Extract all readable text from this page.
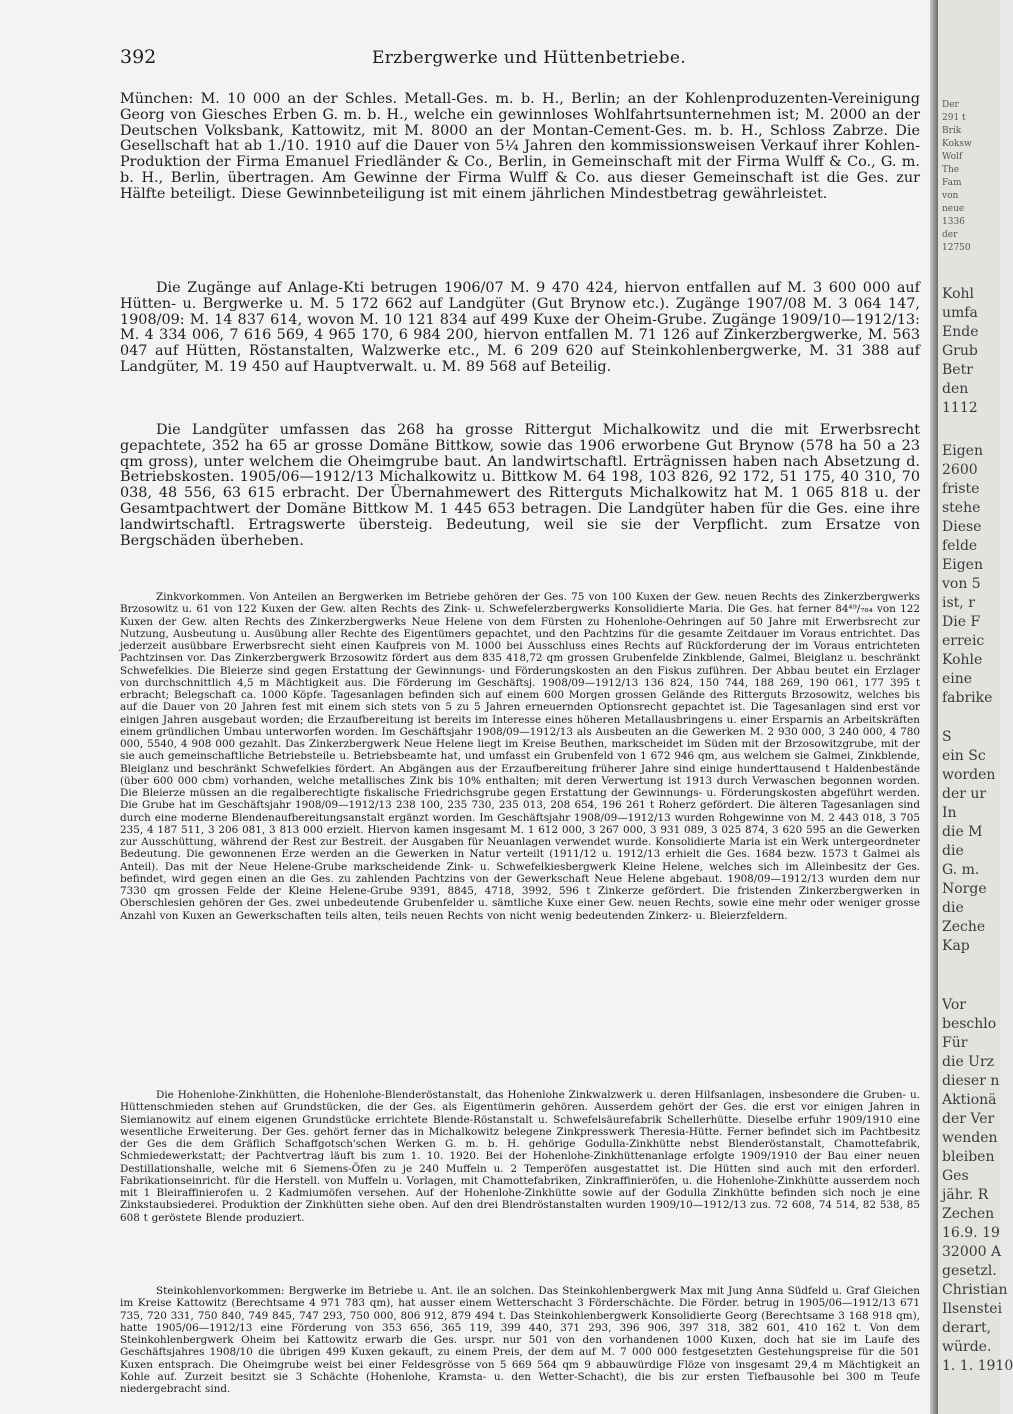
392	Erzbergwerke und Hüttenbetriebe.

München: M. 10 000 an der Schles. Metall-Ges. m. b. H., Berlin; an der Kohlenproduzenten-Vereinigung Georg von Giesches Erben G. m. b. H., welche ein gewinnloses Wohlfahrtsunternehmen ist; M. 2000 an der Deutschen Volksbank, Kattowitz, mit M. 8000 an der Montan-Cement-Ges. m. b. H., Schloss Zabrze. Die Gesellschaft hat ab 1./10. 1910 auf die Dauer von 5¼ Jahren den kommissionsweisen Verkauf ihrer Kohlen-Produktion der Firma Emanuel Friedländer & Co., Berlin, in Gemeinschaft mit der Firma Wulff & Co., G. m. b. H., Berlin, übertragen. Am Gewinne der Firma Wulff & Co. aus dieser Gemeinschaft ist die Ges. zur Hälfte beteiligt. Diese Gewinnbeteiligung ist mit einem jährlichen Mindestbetrag gewährleistet.

Die Zugänge auf Anlage-Kti betrugen 1906/07 M. 9 470 424, hiervon entfallen auf M. 3 600 000 auf Hütten- u. Bergwerke u. M. 5 172 662 auf Landgüter (Gut Brynow etc.). Zugänge 1907/08 M. 3 064 147, 1908/09: M. 14 837 614, wovon M. 10 121 834 auf 499 Kuxe der Oheim-Grube. Zugänge 1909/10—1912/13: M. 4 334 006, 7 616 569, 4 965 170, 6 984 200, hiervon entfallen M. 71 126 auf Zinkerzbergwerke, M. 563 047 auf Hütten, Röstanstalten, Walzwerke etc., M. 6 209 620 auf Steinkohlenbergwerke, M. 31 388 auf Landgüter, M. 19 450 auf Hauptverwalt. u. M. 89 568 auf Beteilig.

Die Landgüter umfassen das 268 ha grosse Rittergut Michalkowitz und die mit Erwerbsrecht gepachtete, 352 ha 65 ar grosse Domäne Bittkow, sowie das 1906 erworbene Gut Brynow (578 ha 50 a 23 qm gross), unter welchem die Oheimgrube baut. An landwirtschaftl. Erträgnissen haben nach Absetzung d. Betriebskosten. 1905/06—1912/13 Michalkowitz u. Bittkow M. 64 198, 103 826, 92 172, 51 175, 40 310, 70 038, 48 556, 63 615 erbracht. Der Übernahmewert des Ritterguts Michalkowitz hat M. 1 065 818 u. der Gesamtpachtwert der Domäne Bittkow M. 1 445 653 betragen. Die Landgüter haben für die Ges. eine ihre landwirtschaftl. Ertragswerte übersteig. Bedeutung, weil sie sie der Verpflicht. zum Ersatze von Bergschäden überheben.

Zinkvorkommen. Von Anteilen an Bergwerken im Betriebe gehören der Ges. 75 von 100 Kuxen der Gew. neuen Rechts des Zinkerzbergwerks Brzosowitz u. 61 von 122 Kuxen der Gew. alten Rechts des Zink- u. Schwefelerzbergwerks Konsolidierte Maria. Die Ges. hat ferner 84⁴⁹/₇₈₄ von 122 Kuxen der Gew. alten Rechts des Zinkerzbergwerks Neue Helene von dem Fürsten zu Hohenlohe-Oehringen auf 50 Jahre mit Erwerbsrecht zur Nutzung, Ausbeutung u. Ausübung aller Rechte des Eigentümers gepachtet, und den Pachtzins für die gesamte Zeitdauer im Voraus entrichtet. Das jederzeit ausübbare Erwerbsrecht sieht einen Kaufpreis von M. 1000 bei Ausschluss eines Rechts auf Rückforderung der im Voraus entrichteten Pachtzinsen vor. Das Zinkerzbergwerk Brzosowitz fördert aus dem 835 418,72 qm grossen Grubenfelde Zinkblende, Galmei, Bleiglanz u. beschränkt Schwefelkies. Die Bleierze sind gegen Erstattung der Gewinnungs- und Förderungskosten an den Fiskus zuführen. Der Abbau beutet ein Erzlager von durchschnittlich 4,5 m Mächtigkeit aus. Die Förderung im Geschäftsj. 1908/09—1912/13 136 824, 150 744, 188 269, 190 061, 177 395 t erbracht; Belegschaft ca. 1000 Köpfe. Tagesanlagen befinden sich auf einem 600 Morgen grossen Gelände des Ritterguts Brzosowitz, welches bis auf die Dauer von 20 Jahren fest mit einem sich stets von 5 zu 5 Jahren erneuernden Optionsrecht gepachtet ist. Die Tagesanlagen sind erst vor einigen Jahren ausgebaut worden; die Erzaufbereitung ist bereits im Interesse eines höheren Metallausbringens u. einer Ersparnis an Arbeitskräften einem gründlichen Umbau unterworfen worden. Im Geschäftsjahr 1908/09—1912/13 als Ausbeuten an die Gewerken M. 2 930 000, 3 240 000, 4 780 000, 5540, 4 908 000 gezahlt. Das Zinkerzbergwerk Neue Helene liegt im Kreise Beuthen, markscheidet im Süden mit der Brzosowitzgrube, mit der sie auch gemeinschaftliche Betriebsteile u. Betriebsbeamte hat, und umfasst ein Grubenfeld von 1 672 946 qm, aus welchem sie Galmei, Zinkblende, Bleiglanz und beschränkt Schwefelkies fördert. An Abgängen aus der Erzaufbereitung früherer Jahre sind einige hunderttausend t Haldenbestände (über 600 000 cbm) vorhanden, welche metallisches Zink bis 10% enthalten; mit deren Verwertung ist 1913 durch Verwaschen begonnen worden. Die Bleierze müssen an die regalberechtigte fiskalische Friedrichsgrube gegen Erstattung der Gewinnungs- u. Förderungskosten abgeführt werden. Die Grube hat im Geschäftsjahr 1908/09—1912/13 238 100, 235 730, 235 013, 208 654, 196 261 t Roherz gefördert. Die älteren Tagesanlagen sind durch eine moderne Blendenaufbereitungsanstalt ergänzt worden. Im Geschäftsjahr 1908/09—1912/13 wurden Rohgewinne von M. 2 443 018, 3 705 235, 4 187 511, 3 206 081, 3 813 000 erzielt. Hiervon kamen insgesamt M. 1 612 000, 3 267 000, 3 931 089, 3 025 874, 3 620 595 an die Gewerken zur Ausschüttung, während der Rest zur Bestreit. der Ausgaben für Neuanlagen verwendet wurde. Konsolidierte Maria ist ein Werk untergeordneter Bedeutung. Die gewonnenen Erze werden an die Gewerken in Natur verteilt (1911/12 u. 1912/13 erhielt die Ges. 1684 bezw. 1573 t Galmei als Anteil). Das mit der Neue Helene-Grube markscheidende Zink- u. Schwefelkiesbergwerk Kleine Helene, welches sich im Alleinbesitz der Ges. befindet, wird gegen einen an die Ges. zu zahlenden Pachtzins von der Gewerkschaft Neue Helene abgebaut. 1908/09—1912/13 wurden dem nur 7330 qm grossen Felde der Kleine Helene-Grube 9391, 8845, 4718, 3992, 596 t Zinkerze gefördert. Die fristenden Zinkerzbergwerken in Oberschlesien gehören der Ges. zwei unbedeutende Grubenfelder u. sämtliche Kuxe einer Gew. neuen Rechts, sowie eine mehr oder weniger grosse Anzahl von Kuxen an Gewerkschaften teils alten, teils neuen Rechts von nicht wenig bedeutenden Zinkerz- u. Bleierzfeldern.

Die Hohenlohe-Zinkhütten, die Hohenlohe-Blenderöstanstalt, das Hohenlohe Zinkwalzwerk u. deren Hilfsanlagen, insbesondere die Gruben- u. Hüttenschmieden stehen auf Grundstücken, die der Ges. als Eigentümerin gehören. Ausserdem gehört der Ges. die erst vor einigen Jahren in Siemianowitz auf einem eigenen Grundstücke errichtete Blende-Röstanstalt u. Schwefelsäurefabrik Schellerhütte. Dieselbe erfuhr 1909/1910 eine wesentliche Erweiterung. Der Ges. gehört ferner das in Michalkowitz belegene Zinkpresswerk Theresia-Hütte. Ferner befindet sich im Pachtbesitz der Ges die dem Gräflich Schaffgotsch'schen Werken G. m. b. H. gehörige Godulla-Zinkhütte nebst Blenderöstanstalt, Chamottefabrik, Schmiedewerkstatt; der Pachtvertrag läuft bis zum 1. 10. 1920. Bei der Hohenlohe-Zinkhüttenanlage erfolgte 1909/1910 der Bau einer neuen Destillationshalle, welche mit 6 Siemens-Öfen zu je 240 Muffeln u. 2 Temperöfen ausgestattet ist. Die Hütten sind auch mit den erforderl. Fabrikationseinricht. für die Herstell. von Muffeln u. Vorlagen, mit Chamottefabriken, Zinkraffinieröfen, u. die Hohenlohe-Zinkhütte ausserdem noch mit 1 Bleiraffinierofen u. 2 Kadmiumöfen versehen. Auf der Hohenlohe-Zinkhütte sowie auf der Godulla Zinkhütte befinden sich noch je eine Zinkstaubsiederei. Produktion der Zinkhütten siehe oben. Auf den drei Blendröstanstalten wurden 1909/10—1912/13 zus. 72 608, 74 514, 82 538, 85 608 t geröstete Blende produziert.

Steinkohlenvorkommen: Bergwerke im Betriebe u. Ant. ile an solchen. Das Steinkohlenbergwerk Max mit Jung Anna Südfeld u. Graf Gleichen im Kreise Kattowitz (Berechtsame 4 971 783 qm), hat ausser einem Wetterschacht 3 Förderschächte. Die Förder. betrug in 1905/06—1912/13 671 735, 720 331, 750 840, 749 845, 747 293, 750 000, 806 912, 879 494 t. Das Steinkohlenbergwerk Konsolidierte Georg (Berechtsame 3 168 918 qm), hatte 1905/06—1912/13 eine Förderung von 353 656, 365 119, 399 440, 371 293, 396 906, 397 318, 382 601, 410 162 t. Von dem Steinkohlenbergwerk Oheim bei Kattowitz erwarb die Ges. urspr. nur 501 von den vorhandenen 1000 Kuxen, doch hat sie im Laufe des Geschäftsjahres 1908/10 die übrigen 499 Kuxen gekauft, zu einem Preis, der dem auf M. 7 000 000 festgesetzten Gestehungspreise für die 501 Kuxen entsprach. Die Oheimgrube weist bei einer Feldesgrösse von 5 669 564 qm 9 abbauwürdige Flöze von insgesamt 29,4 m Mächtigkeit an Kohle auf. Zurzeit besitzt sie 3 Schächte (Hohenlohe, Kramsta- u. den Wetter-Schacht), die bis zur ersten Tiefbausohle bei 300 m Teufe niedergebracht sind.

Der
291 t
Brik
Koksw
Wolf
The
Fam
von
neue
1336
der
12750
Kohl
umfa
Ende
Grub
Betr
den
1112
Eigen
2600
friste
stehe
Diese
felde
Eigen
von 5
ist, r
Die F
erreic
Kohle
eine
fabrike
S
ein Sc
worden
der ur
In
die M
die
G. m.
Norge
die
Zeche
Kap
Vor
beschlo
Für
die Urz
dieser n
Aktionä
der Ver
wenden
bleiben
Ges
jähr. R
Zechen
16.9. 19
32000 A
gesetzl.
Christian
Ilsenstei
derart,
würde.
1. 1. 1910
